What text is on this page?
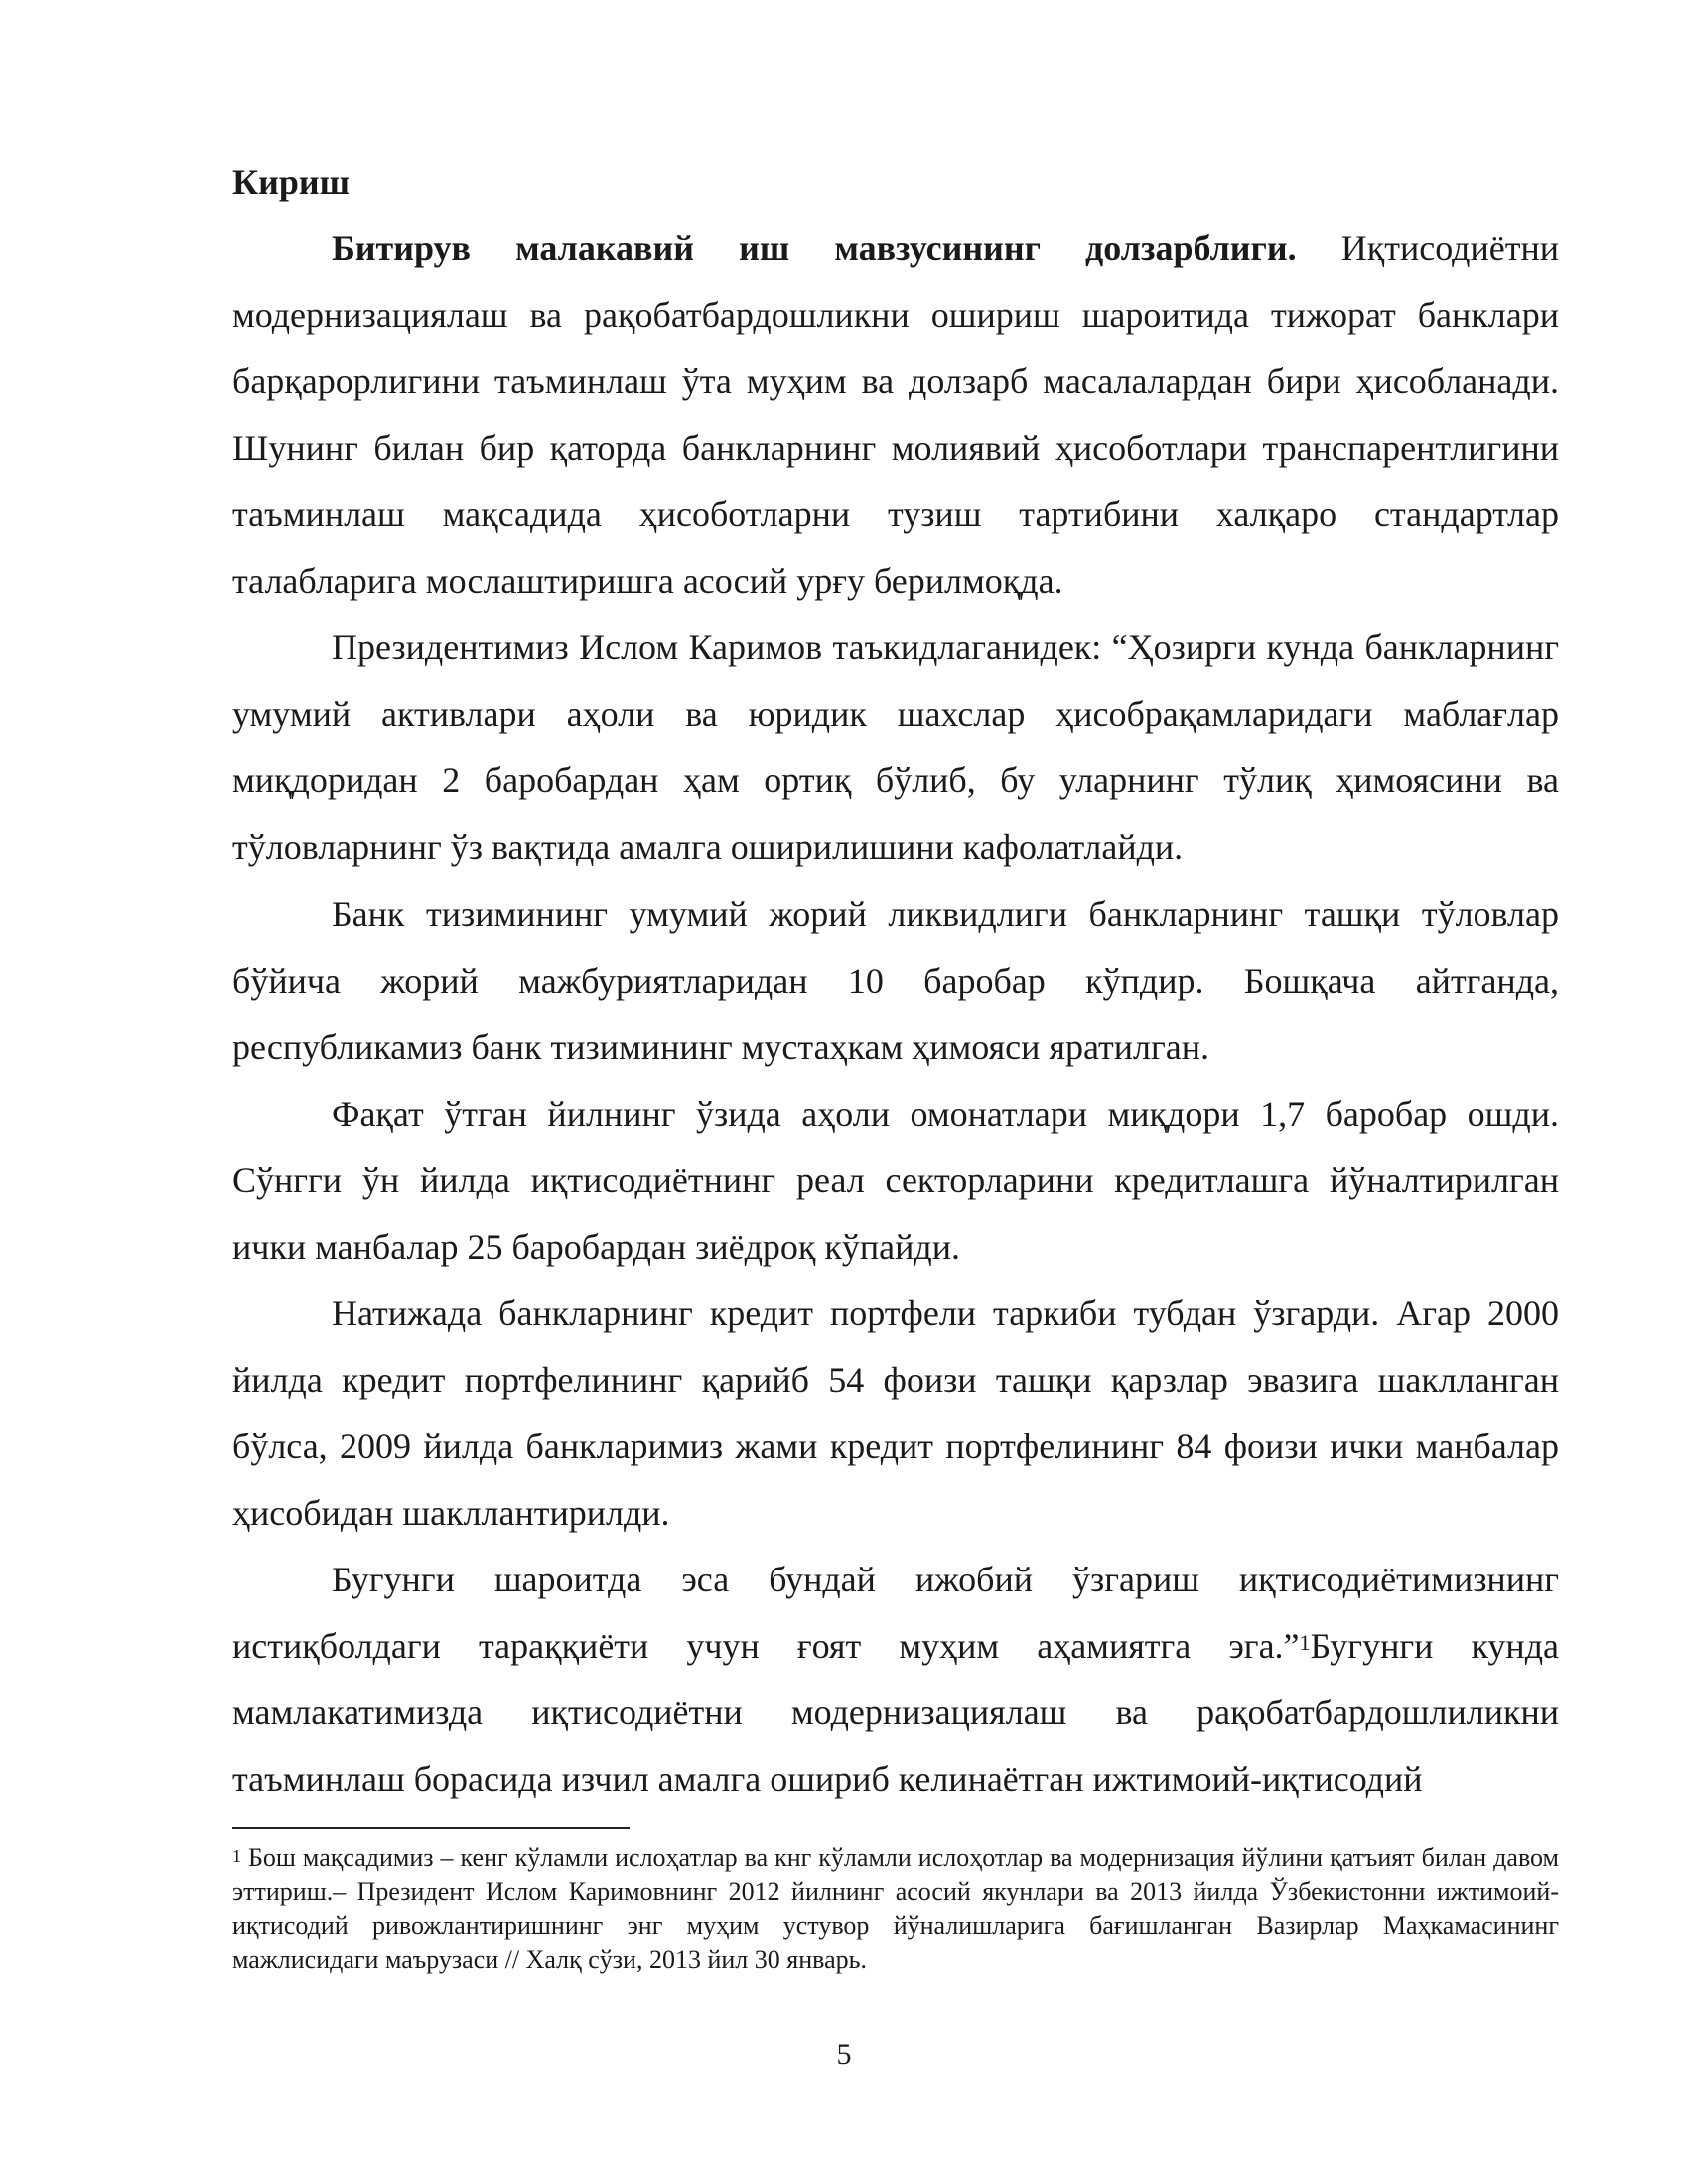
Кириш

Битирув малакавий иш мавзусининг долзарблиги. Иқтисодиётни модернизациялаш ва рақобатбардошликни ошириш шароитида тижорат банклари барқарорлигини таъминлаш ўта муҳим ва долзарб масалалардан бири ҳисобланади. Шунинг билан бир қаторда банкларнинг молиявий ҳисоботлари транспарентлигини таъминлаш мақсадида ҳисоботларни тузиш тартибини халқаро стандартлар талабларига мослаштиришга асосий урғу берилмоқда.

Президентимиз Ислом Каримов таъкидлаганидек: “Ҳозирги кунда банкларнинг умумий активлари аҳоли ва юридик шахслар ҳисобрақамларидаги маблағлар миқдоридан 2 баробардан ҳам ортиқ бўлиб, бу уларнинг тўлиқ ҳимоясини ва тўловларнинг ўз вақтида амалга оширилишини кафолатлайди.

Банк тизимининг умумий жорий ликвидлиги банкларнинг ташқи тўловлар бўйича жорий мажбуриятларидан 10 баробар кўпдир. Бошқача айтганда, республикамиз банк тизимининг мустаҳкам ҳимояси яратилган.

Фақат ўтган йилнинг ўзида аҳоли омонатлари миқдори 1,7 баробар ошди. Сўнгги ўн йилда иқтисодиётнинг реал секторларини кредитлашга йўналтирилган ички манбалар 25 баробардан зиёдроқ кўпайди.

Натижада банкларнинг кредит портфели таркиби тубдан ўзгарди. Агар 2000 йилда кредит портфелининг қарийб 54 фоизи ташқи қарзлар эвазига шаклланган бўлса, 2009 йилда банкларимиз жами кредит портфелининг 84 фоизи ички манбалар ҳисобидан шакллантирилди.

Бугунги шароитда эса бундай ижобий ўзгариш иқтисодиётимизнинг истиқболдаги тараққиёти учун ғоят муҳим аҳамиятга эга.”$^1$Бугунги кунда мамлакатимизда иқтисодиётни модернизациялаш ва рақобатбардошлиликни таъминлаш борасида изчил амалга ошириб келинаётган ижтимоий-иқтисодий

$^1$ Бош мақсадимиз – кенг кўламли ислоҳатлар ва кнг кўламли ислоҳотлар ва модернизация йўлини қатъият билан давом эттириш.– Президент Ислом Каримовнинг 2012 йилнинг асосий якунлари ва 2013 йилда Ўзбекистонни ижтимоий-иқтисодий ривожлантиришнинг энг муҳим устувор йўналишларига бағишланган Вазирлар Маҳкамасининг мажлисидаги маърузаси // Халқ сўзи, 2013 йил 30 январь.

5
